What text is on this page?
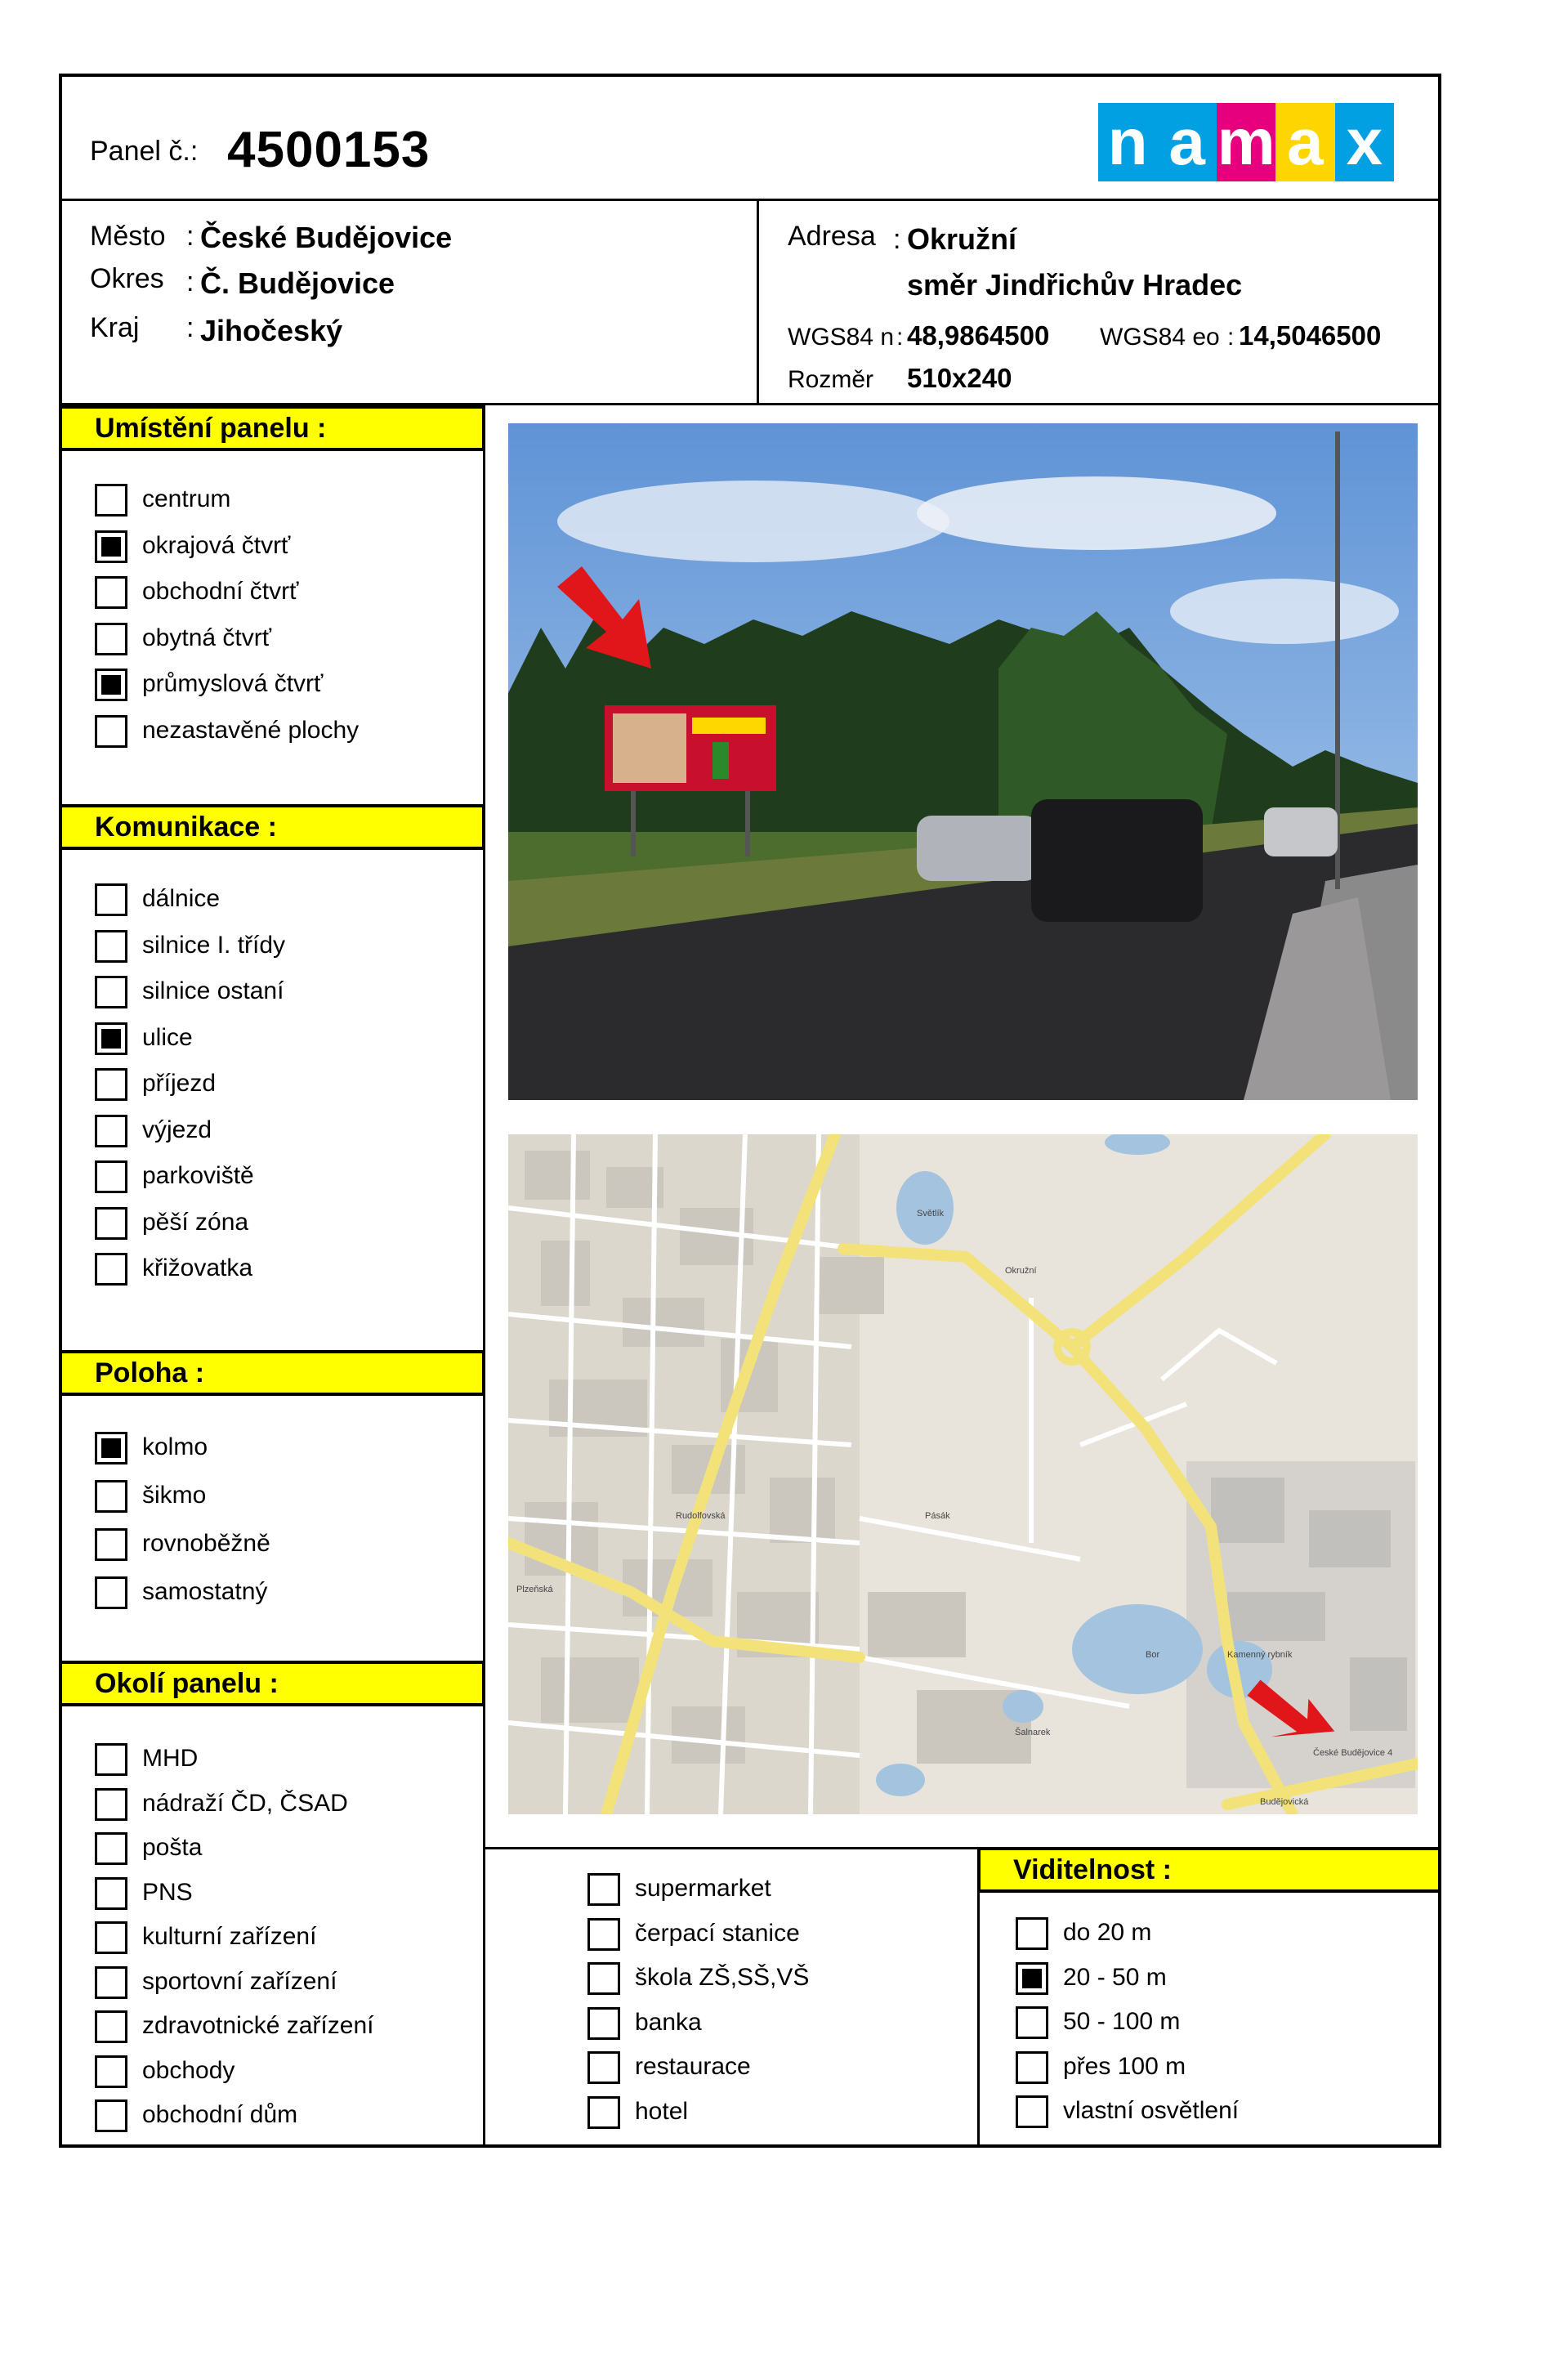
Panel č.: 4500153	n a m a x
Město : České Budějovice
Okres : Č. Budějovice
Kraj : Jihočeský
Adresa : Okružní
směr Jindřichův Hradec
WGS84 n : 48,9864500 WGS84 eo : 14,5046500
Rozměr 510x240
Umístění panelu :
centrum
okrajová čtvrť
obchodní čtvrť
obytná čtvrť
průmyslová čtvrť
nezastavěné plochy
Komunikace :
dálnice
silnice I. třídy
silnice ostaní
ulice
příjezd
výjezd
parkoviště
pěší zóna
křižovatka
Poloha :
kolmo
šikmo
rovnoběžně
samostatný
Okolí panelu :
MHD
nádraží ČD, ČSAD
pošta
PNS
kulturní zařízení
sportovní zařízení
zdravotnické zařízení
obchody
obchodní dům
supermarket
čerpací stanice
škola ZŠ,SŠ,VŠ
banka
restaurace
hotel
Viditelnost :
do 20 m
20 - 50 m
50 - 100 m
přes 100 m
vlastní osvětlení
Světlík
Okružní
Kamenný rybník
Bor
Šalnarek
České Budějovice 4
Pásák
Plzeňská
Rudolfovská
Budějovická
